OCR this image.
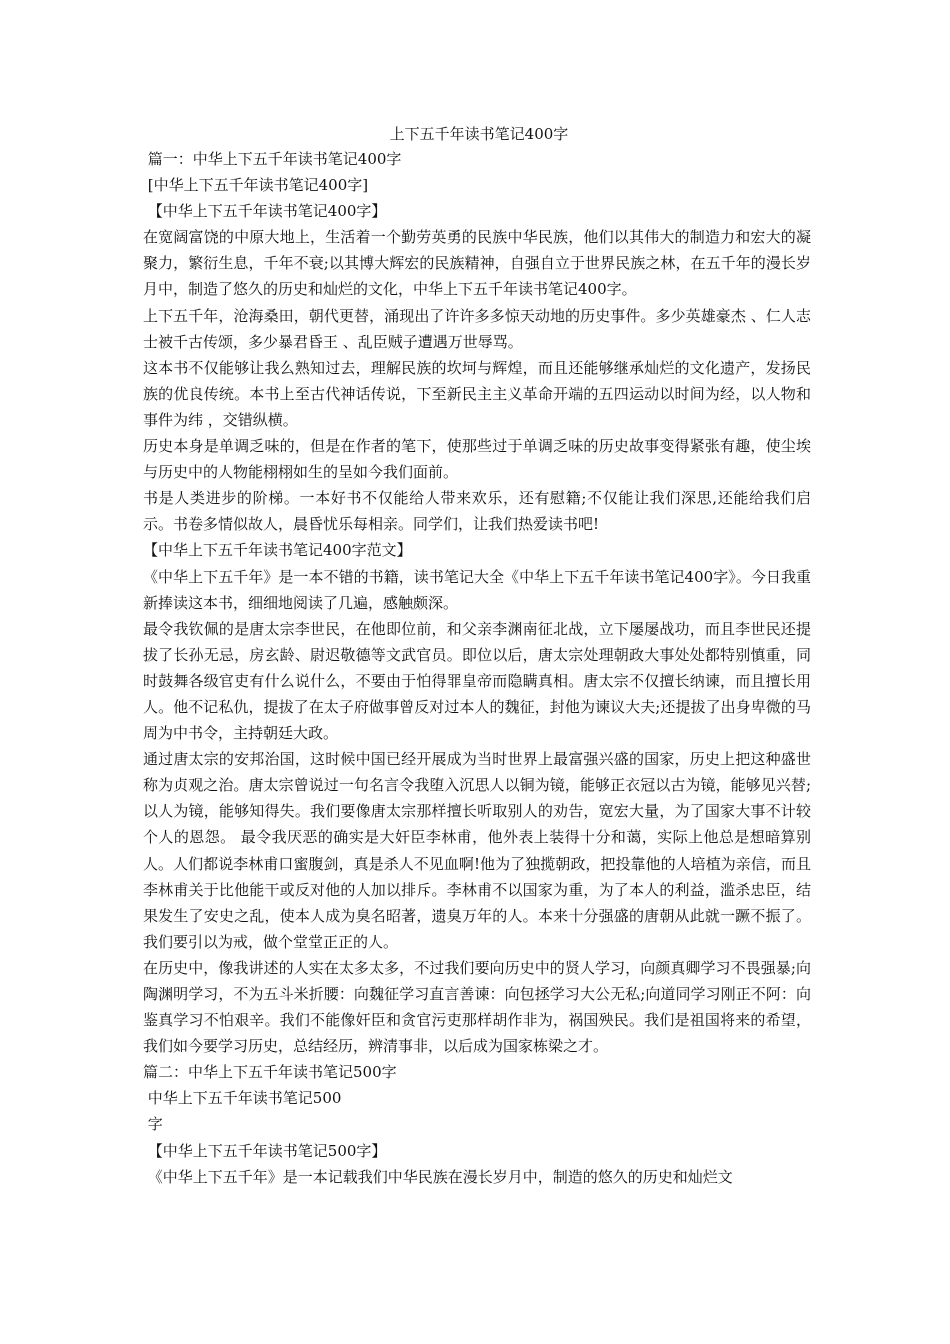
上下五千年读书笔记400字

篇一：中华上下五千年读书笔记400字

[中华上下五千年读书笔记400字]

【中华上下五千年读书笔记400字】

在宽阔富饶的中原大地上，生活着一个勤劳英勇的民族中华民族，他们以其伟大的制造力和宏大的凝聚力，繁衍生息，千年不衰;以其博大辉宏的民族精神，自强自立于世界民族之林，在五千年的漫长岁月中，制造了悠久的历史和灿烂的文化，中华上下五千年读书笔记400字。

上下五千年，沧海桑田，朝代更替，涌现出了许许多多惊天动地的历史事件。多少英雄豪杰 、仁人志士被千古传颂，多少暴君昏王 、乱臣贼子遭遇万世辱骂。

这本书不仅能够让我么熟知过去，理解民族的坎坷与辉煌，而且还能够继承灿烂的文化遗产，发扬民族的优良传统。本书上至古代神话传说，下至新民主主义革命开端的五四运动以时间为经，以人物和事件为纬 ，交错纵横。

历史本身是单调乏味的，但是在作者的笔下，使那些过于单调乏味的历史故事变得紧张有趣，使尘埃与历史中的人物能栩栩如生的呈如今我们面前。

书是人类进步的阶梯。一本好书不仅能给人带来欢乐，还有慰籍;不仅能让我们深思,还能给我们启示。书卷多情似故人，晨昏忧乐每相亲。同学们，让我们热爱读书吧!

【中华上下五千年读书笔记400字范文】

《中华上下五千年》是一本不错的书籍，读书笔记大全《中华上下五千年读书笔记400字》。今日我重新捧读这本书，细细地阅读了几遍，感触颇深。

最令我钦佩的是唐太宗李世民，在他即位前，和父亲李渊南征北战，立下屡屡战功，而且李世民还提拔了长孙无忌，房玄龄、尉迟敬德等文武官员。即位以后，唐太宗处理朝政大事处处都特别慎重，同时鼓舞各级官吏有什么说什么，不要由于怕得罪皇帝而隐瞒真相。唐太宗不仅擅长纳谏，而且擅长用人。他不记私仇，提拔了在太子府做事曾反对过本人的魏征，封他为谏议大夫;还提拔了出身卑微的马周为中书令，主持朝廷大政。

通过唐太宗的安邦治国，这时候中国已经开展成为当时世界上最富强兴盛的国家，历史上把这种盛世称为贞观之治。唐太宗曾说过一句名言令我堕入沉思人以铜为镜，能够正衣冠以古为镜，能够见兴替;以人为镜，能够知得失。我们要像唐太宗那样擅长听取别人的劝告，宽宏大量，为了国家大事不计较个人的恩怨。 最令我厌恶的确实是大奸臣李林甫，他外表上装得十分和蔼，实际上他总是想暗算别人。人们都说李林甫口蜜腹剑，真是杀人不见血啊!他为了独揽朝政，把投靠他的人培植为亲信，而且李林甫关于比他能干或反对他的人加以排斥。李林甫不以国家为重，为了本人的利益，滥杀忠臣，结果发生了安史之乱，使本人成为臭名昭著，遗臭万年的人。本来十分强盛的唐朝从此就一蹶不振了。我们要引以为戒，做个堂堂正正的人。

在历史中，像我讲述的人实在太多太多，不过我们要向历史中的贤人学习，向颜真卿学习不畏强暴;向陶渊明学习，不为五斗米折腰：向魏征学习直言善谏：向包拯学习大公无私;向道同学习刚正不阿：向鉴真学习不怕艰辛。我们不能像奸臣和贪官污吏那样胡作非为，祸国殃民。我们是祖国将来的希望，我们如今要学习历史，总结经历，辨清事非，以后成为国家栋梁之才。

篇二：中华上下五千年读书笔记500字

中华上下五千年读书笔记500

字

【中华上下五千年读书笔记500字】

《中华上下五千年》是一本记载我们中华民族在漫长岁月中，制造的悠久的历史和灿烂文
